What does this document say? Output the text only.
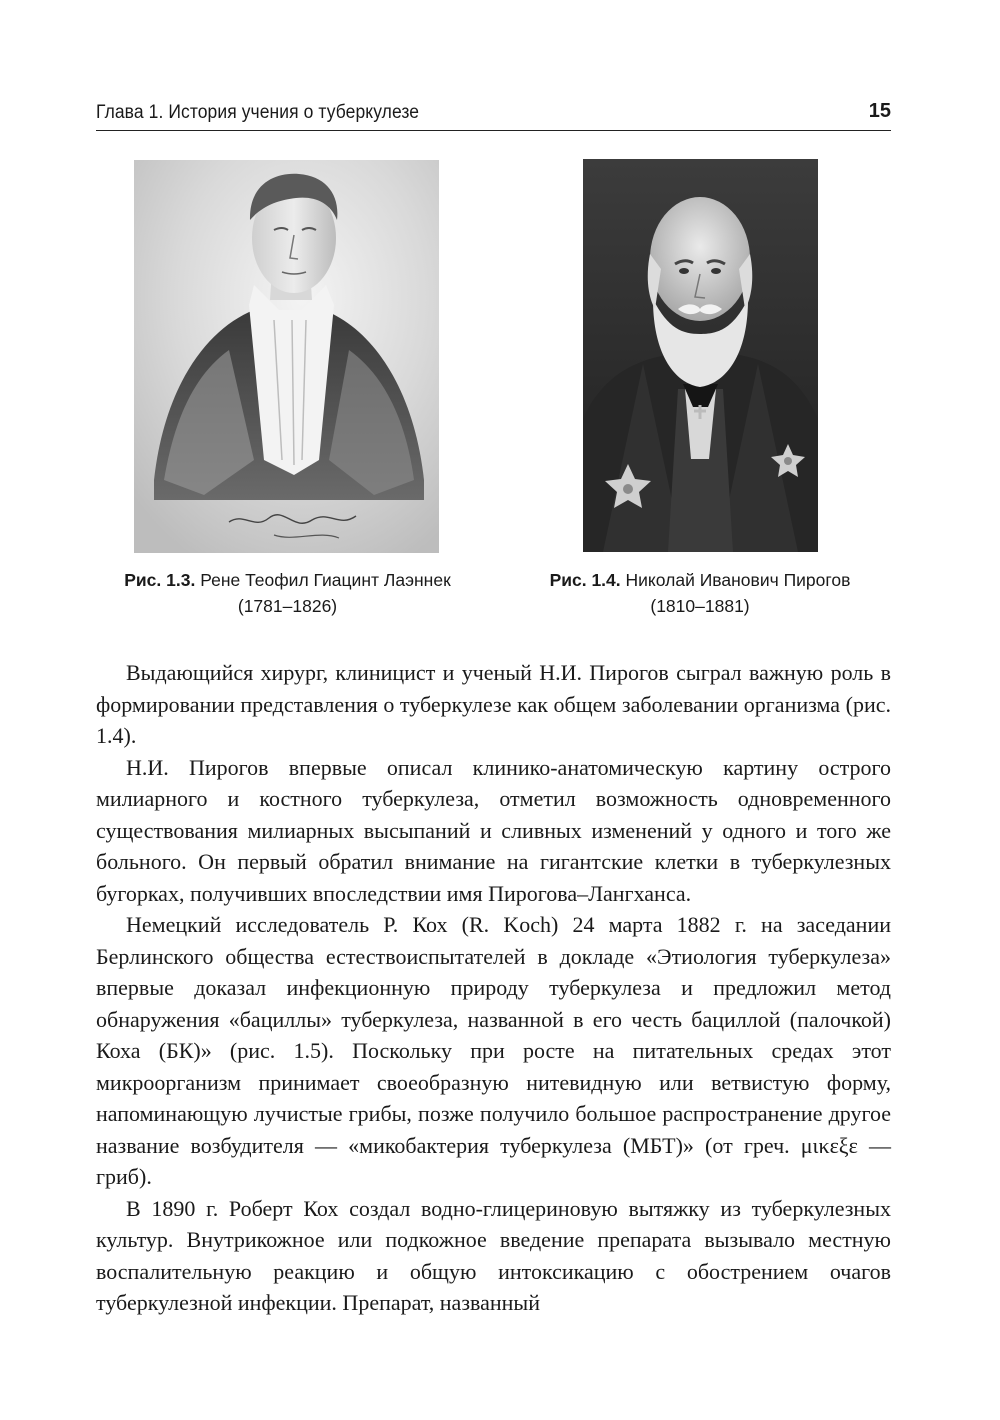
Глава 1. История учения о туберкулезе	15
Рис. 1.3. Рене Теофил Гиацинт Лаэннек
(1781–1826)
Рис. 1.4. Николай Иванович Пирогов
(1810–1881)

Выдающийся хирург, клиницист и ученый Н.И. Пирогов сыграл важную роль в формировании представления о туберкулезе как общем заболевании организма (рис. 1.4).

Н.И. Пирогов впервые описал клинико-анатомическую картину острого милиарного и костного туберкулеза, отметил возможность одновременного существования милиарных высыпаний и сливных изменений у одного и того же больного. Он первый обратил внимание на гигантские клетки в туберкулезных бугорках, получивших впоследствии имя Пирогова–Лангханса.

Немецкий исследователь Р. Кох (R. Koch) 24 марта 1882 г. на заседании Берлинского общества естествоиспытателей в докладе «Этиология туберкулеза» впервые доказал инфекционную природу туберкулеза и предложил метод обнаружения «бациллы» туберкулеза, названной в его честь бациллой (палочкой) Коха (БК)» (рис. 1.5). Поскольку при росте на питательных средах этот микроорганизм принимает своеобразную нитевидную или ветвистую форму, напоминающую лучистые грибы, позже получило большое распространение другое название возбудителя — «микобактерия туберкулеза (МБТ)» (от греч. μικεξε — гриб).

В 1890 г. Роберт Кох создал водно-глицериновую вытяжку из туберкулезных культур. Внутрикожное или подкожное введение препарата вызывало местную воспалительную реакцию и общую интоксикацию с обострением очагов туберкулезной инфекции. Препарат, названный
